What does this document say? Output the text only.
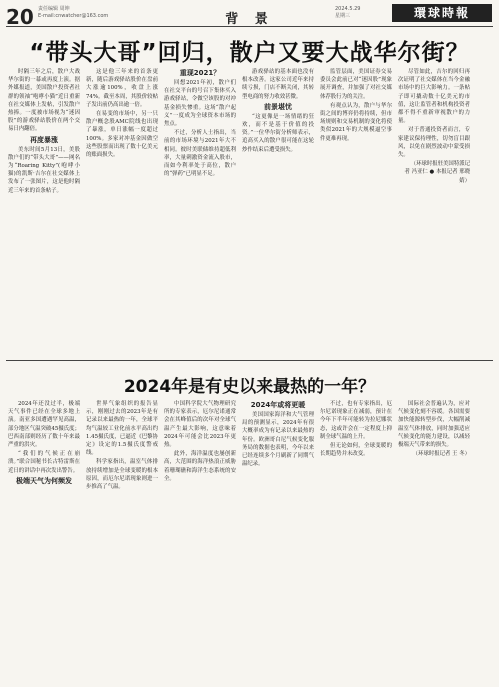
20 责任编辑 周坤
E-mail:cnwatcher@163.com	背 景
2024.5.29
星期三	環球時報
“带头大哥”回归，散户又要大战华尔街？

时隔三年之后，散户大战华尔街的一幕或再度上演。据外媒报道，美国散户投资者社群的领袖“咆哮小猫”近日重新在社交媒体上发帖，引发散户热捧。一度被市场视为“迷因股”的游戏驿站股价在两个交易日内翻倍。

再度暴涨

美东时间5月13日，美股散户们的“带头大哥”——网名为“Roaring Kitty”(咆哮小猫)的凯斯·吉尔在社交媒体上发布了一张图片，这是他时隔近三年来的首条帖子。

这是他三年来的首条更新，随后游戏驿站股价在盘前大涨逾100%，收盘上涨74%。截至本周，其股价较帖子发出前仍高出逾一倍。

在易变的市场中，另一只散户概念股AMC院线也出现了暴涨，单日涨幅一度超过100%。多家对冲基金因做空这些股票而出现了数十亿美元的账面损失。

重现2021？

回想2021年初，散户们在社交平台的号召下集体买入游戏驿站，令做空该股的对冲基金损失惨重。这场“散户起义”一度成为全球资本市场的焦点。

不过，分析人士指出，当前的市场环境与2021年大不相同。彼时美联储维持超低利率，大量刺激资金流入股市，而如今利率处于高位，散户的“弹药”已明显不足。

游戏驿站的基本面也没有根本改善。这家公司近年来持续亏损，门店不断关闭，其转型电商的努力收效甚微。

前景堪忧

“这更像是一场情绪的狂欢，而不是基于价值的投资。”一位华尔街分析师表示，追高买入的散户很可能在这轮炒作结束后遭受损失。

监管层面，美国证券交易委员会此前已对“迷因股”现象展开调查，并加强了对社交媒体荐股行为的关注。

有观点认为，散户与华尔街之间的博弈仍将持续，但市场规则和交易机制的变化将使类似2021年的大规模逼空事件更难再现。

尽管如此，吉尔的回归再次证明了社交媒体在当今金融市场中的巨大影响力。一条帖子即可撬动数十亿美元的市值，这让监管者和机构投资者都不得不重新审视散户的力量。

对于普通投资者而言，专家建议保持理性，切勿盲目跟风，以免在剧烈波动中蒙受损失。

（环球时报驻美国特派记者 冯亚仁 ● 本报记者 邢晓婧）

2024年是有史以来最热的一年？

2024年还没过半，极端天气事件已经在全球多地上演。南亚多国遭遇罕见高温，部分地区气温突破45摄氏度；巴西南部则经历了数十年来最严重的洪灾。

“我们的气候正在崩溃。”联合国秘书长古特雷斯在近日的讲话中再次发出警告。

极端天气为何频发

世界气象组织的报告显示，刚刚过去的2023年是有记录以来最热的一年，全球平均气温较工业化前水平高出约1.45摄氏度，已逼近《巴黎协定》设定的1.5摄氏度警戒线。

科学家指出，温室气体排放持续增加是全球变暖的根本原因，而厄尔尼诺现象则进一步推高了气温。

中国科学院大气物理研究所的专家表示，厄尔尼诺通常会在其峰值后的次年对全球气温产生最大影响，这意味着2024年可能会比2023年更热。

此外，海洋温度也屡创新高，大范围的海洋热浪正威胁着珊瑚礁和海洋生态系统的安全。

2024年或将更暖

美国国家海洋和大气管理局的预测显示，2024年有很大概率成为有记录以来最热的年份。欧洲哥白尼气候变化服务局的数据也表明，今年以来已经连续多个月刷新了同期气温纪录。

不过，也有专家指出，厄尔尼诺现象正在减弱，预计在今年下半年可能转为拉尼娜状态，这或许会在一定程度上抑制全球气温的上升。

但无论如何，全球变暖的长期趋势并未改变。

国际社会普遍认为，应对气候变化刻不容缓。各国需要加快能源转型步伐，大幅削减温室气体排放，同时加强适应气候变化的能力建设，以减轻极端天气带来的损失。

（环球时报记者 王 冬）
